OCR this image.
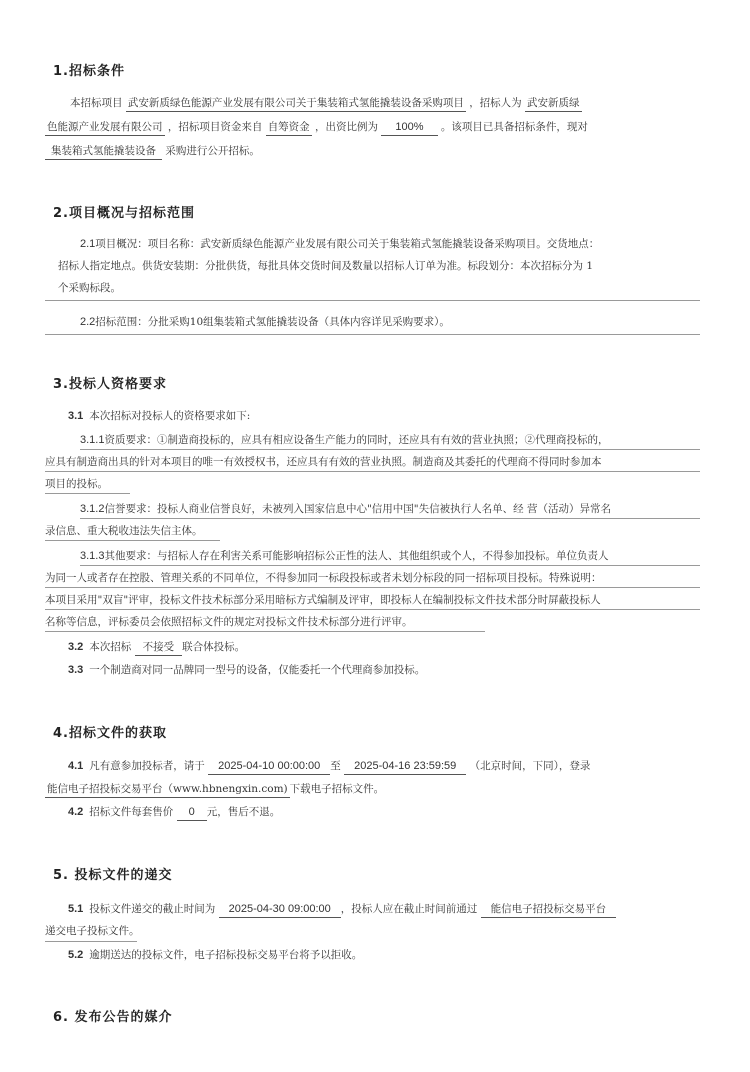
1.招标条件
本招标项目 武安新质绿色能源产业发展有限公司关于集装箱式氢能撬装设备采购项目 ，招标人为 武安新质绿
色能源产业发展有限公司 ，招标项目资金来自 自筹资金 ，出资比例为 100% 。该项目已具备招标条件，现对
集装箱式氢能撬装设备 采购进行公开招标。
2.项目概况与招标范围
2.1项目概况：项目名称：武安新质绿色能源产业发展有限公司关于集装箱式氢能撬装设备采购项目。交货地点：
招标人指定地点。供货安装期：分批供货，每批具体交货时间及数量以招标人订单为准。标段划分：本次招标分为 1
个采购标段。
2.2招标范围：分批采购10组集装箱式氢能撬装设备（具体内容详见采购要求）。
3.投标人资格要求
3.1 本次招标对投标人的资格要求如下:
3.1.1资质要求：①制造商投标的，应具有相应设备生产能力的同时，还应具有有效的营业执照；②代理商投标的，
应具有制造商出具的针对本项目的唯一有效授权书，还应具有有效的营业执照。制造商及其委托的代理商不得同时参加本
项目的投标。
3.1.2信誉要求：投标人商业信誉良好，未被列入国家信息中心"信用中国"失信被执行人名单、经 营（活动）异常名
录信息、重大税收违法失信主体。
3.1.3其他要求：与招标人存在利害关系可能影响招标公正性的法人、其他组织或个人，不得参加投标。单位负责人
为同一人或者存在控股、管理关系的不同单位，不得参加同一标段投标或者未划分标段的同一招标项目投标。特殊说明：
本项目采用"双盲"评审，投标文件技术标部分采用暗标方式编制及评审，即投标人在编制投标文件技术部分时屏蔽投标人
名称等信息，评标委员会依照招标文件的规定对投标文件技术标部分进行评审。
3.2 本次招标 不接受 联合体投标。
3.3 一个制造商对同一品牌同一型号的设备，仅能委托一个代理商参加投标。
4.招标文件的获取
4.1 凡有意参加投标者，请于 2025-04-10 00:00:00 至 2025-04-16 23:59:59 （北京时间，下同），登录
能信电子招投标交易平台（www.hbnengxin.com) 下载电子招标文件。
4.2 招标文件每套售价 0 元，售后不退。
5. 投标文件的递交
5.1 投标文件递交的截止时间为 2025-04-30 09:00:00 ，投标人应在截止时间前通过 能信电子招投标交易平台
递交电子投标文件。
5.2 逾期送达的投标文件，电子招标投标交易平台将予以拒收。
6. 发布公告的媒介
